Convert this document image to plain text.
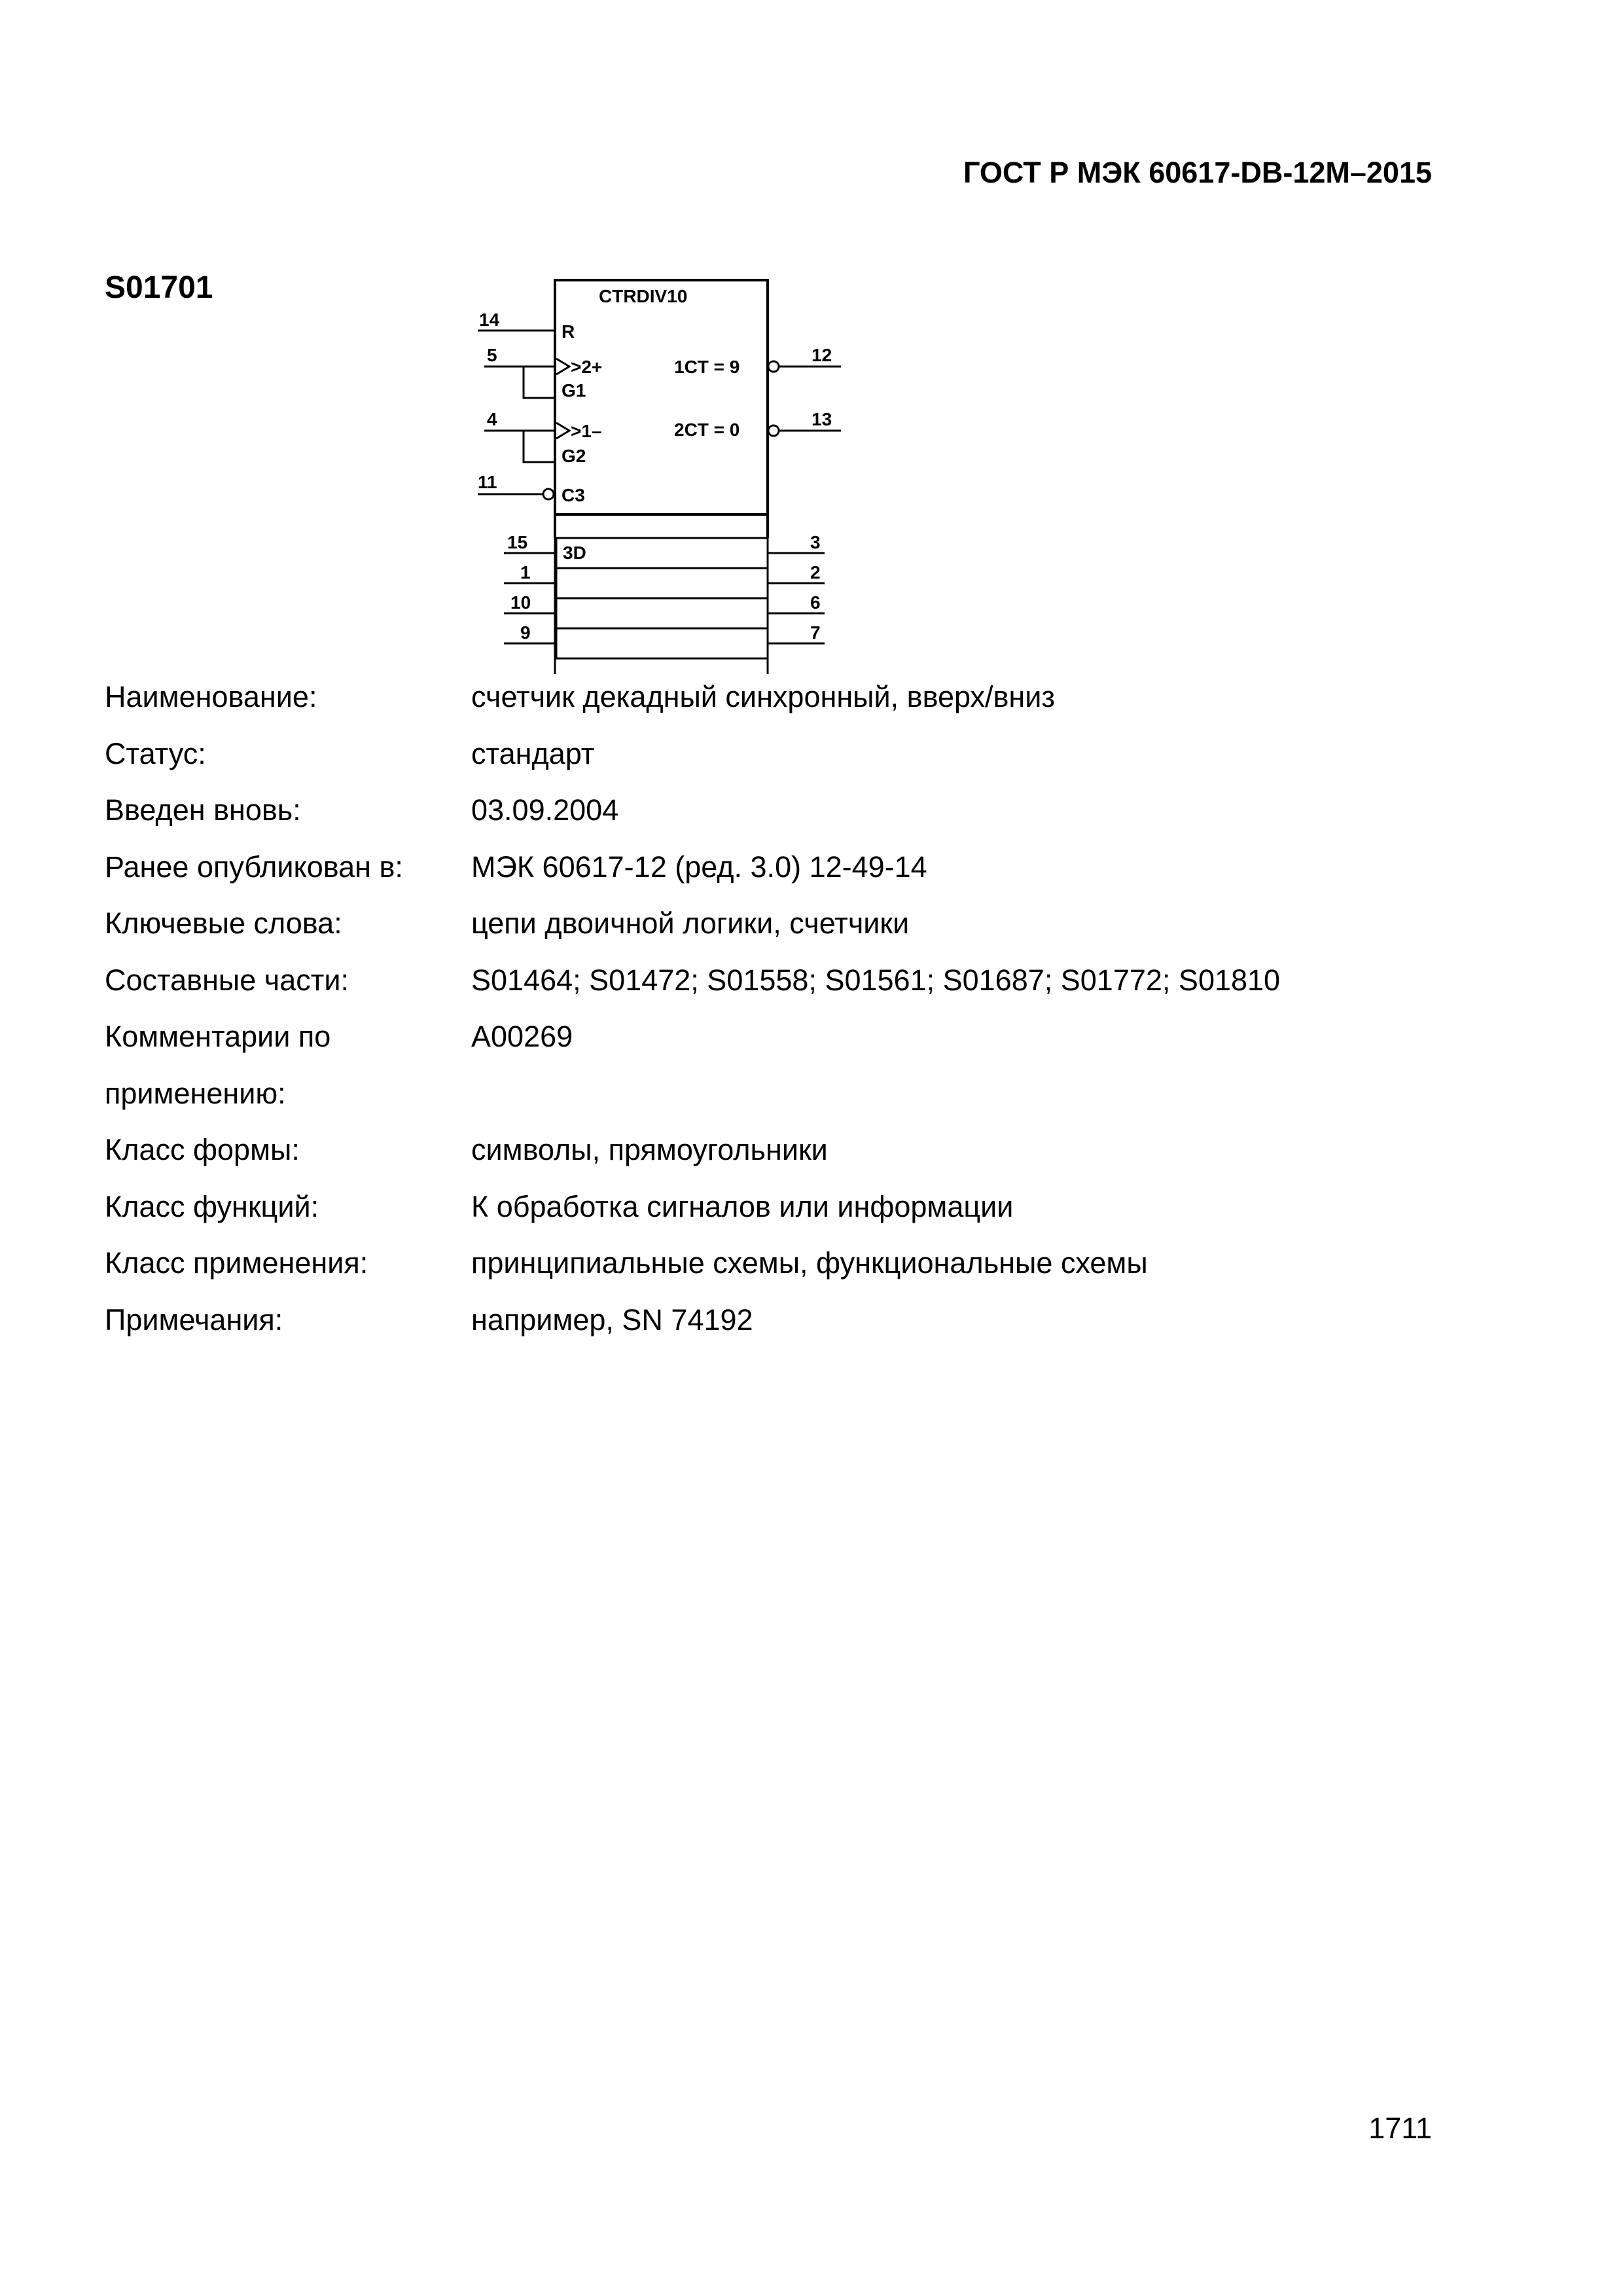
ГОСТ Р МЭК 60617-DB-12M–2015
S01701	CTRDIV10
14
5
4
11
R
>2+
G1
>1–
G2
C3
1CT = 9
2CT = 0
12
13
3D
15
1
10
9
3
2
6
7
Наименование:	счетчик декадный синхронный, вверх/вниз
Статус:	стандарт
Введен вновь:	03.09.2004
Ранее опубликован в:	МЭК 60617-12 (ред. 3.0) 12-49-14
Ключевые слова:	цепи двоичной логики, счетчики
Составные части:	S01464; S01472; S01558; S01561; S01687; S01772; S01810
Комментарии по применению:
A00269
Класс формы:	символы, прямоугольники
Класс функций:	К обработка сигналов или информации
Класс применения:	принципиальные схемы, функциональные схемы
Примечания:	например, SN 74192
1711
